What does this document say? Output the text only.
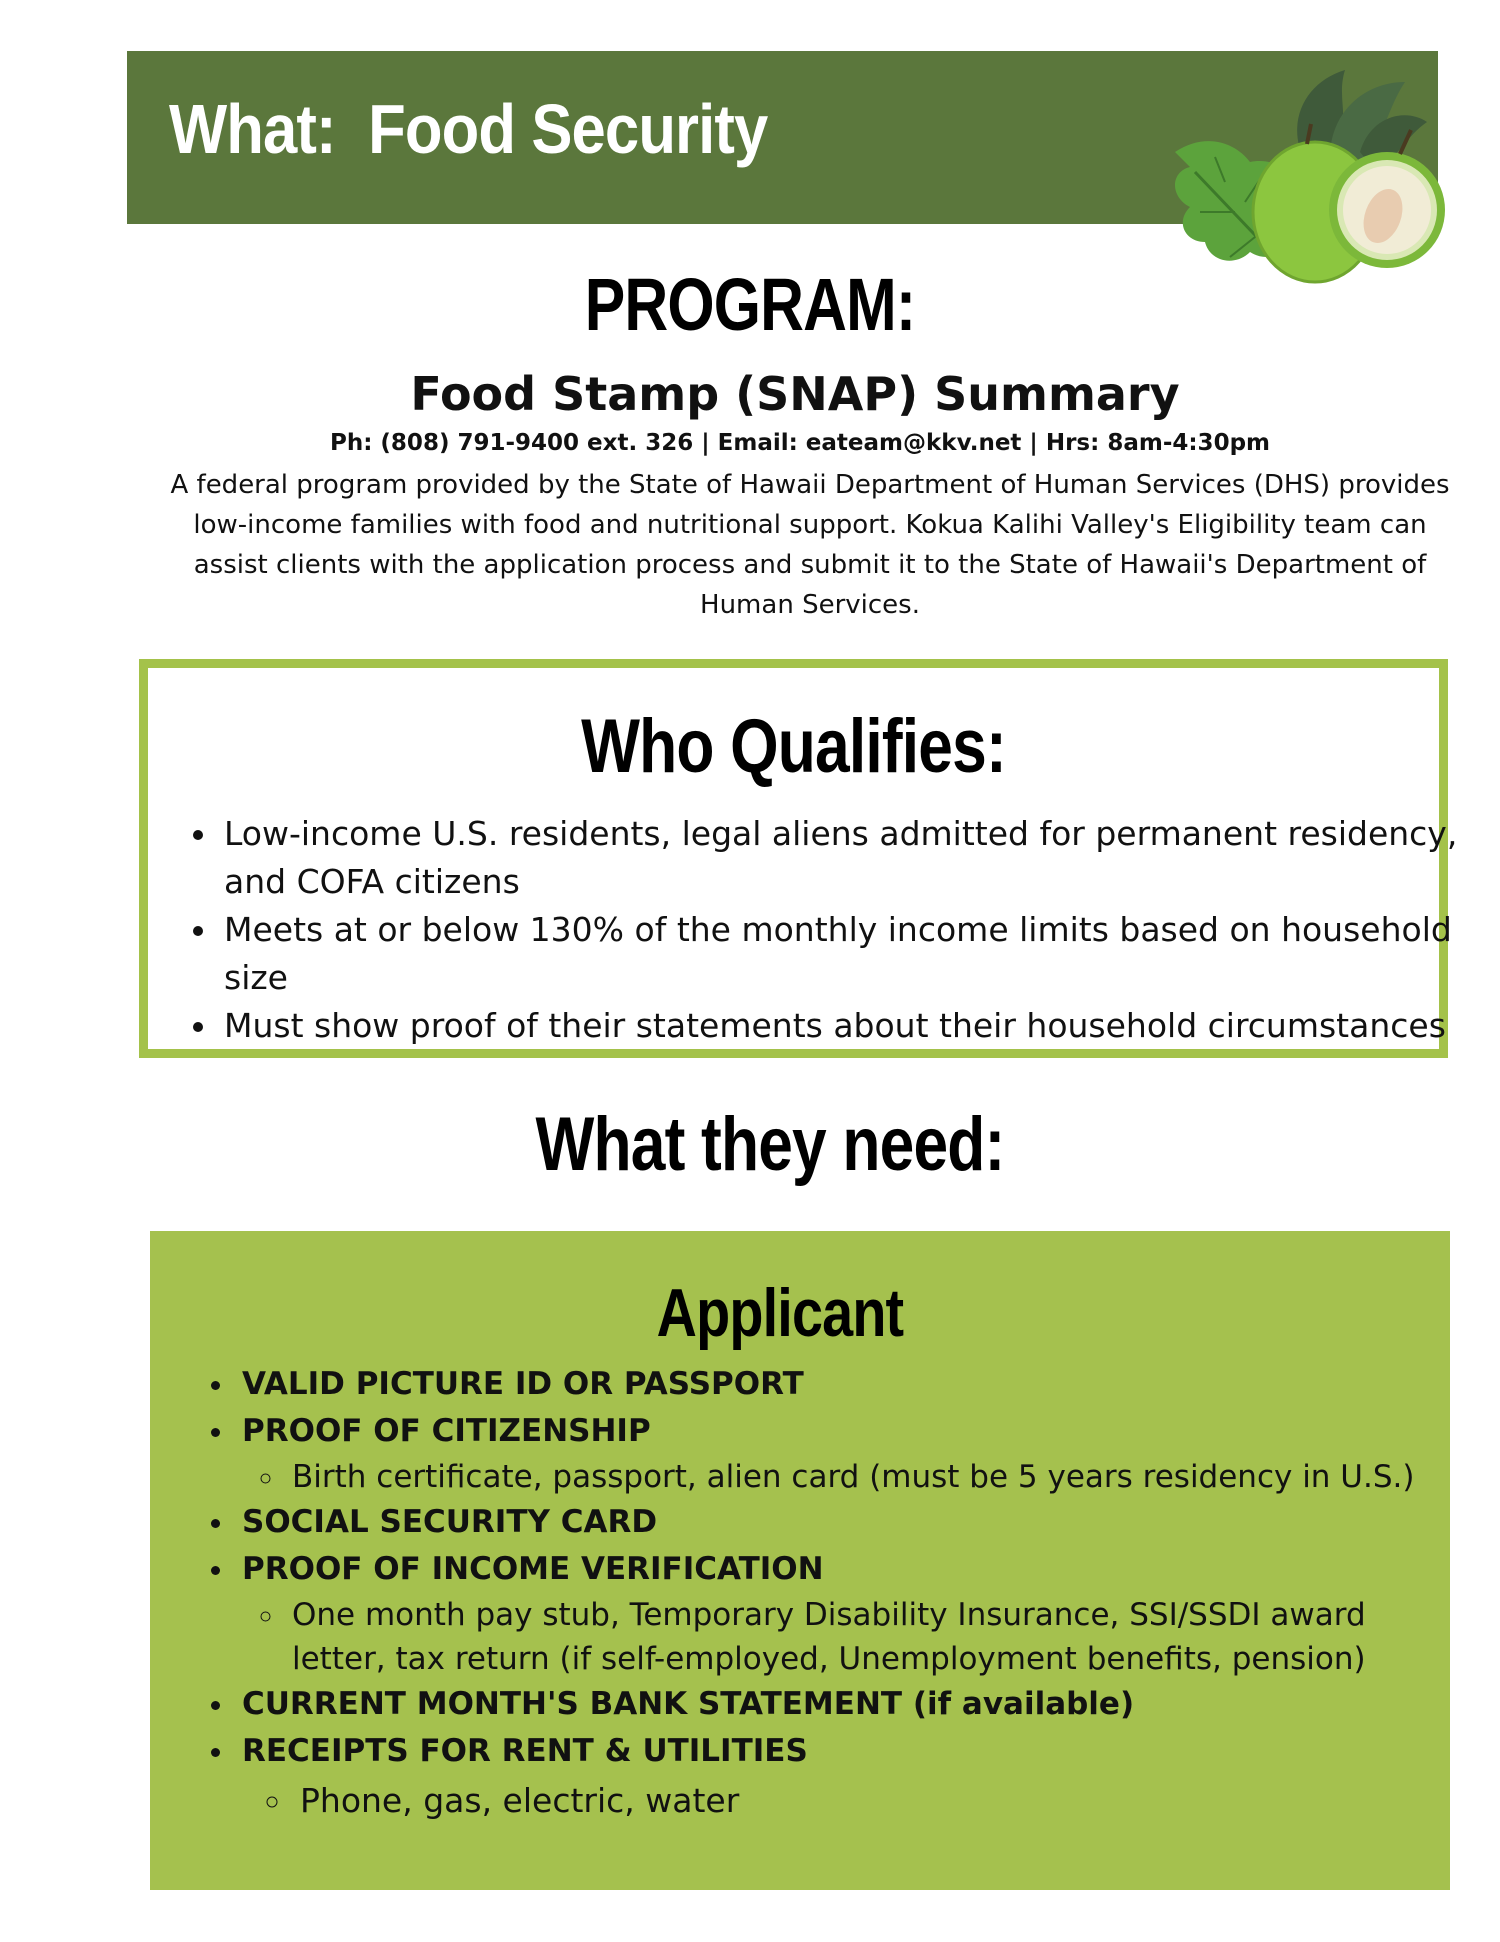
What:  Food Security
PROGRAM:
Food Stamp (SNAP) Summary

Ph: (808) 791-9400 ext. 326 | Email: eateam@kkv.net | Hrs: 8am-4:30pm

A federal program provided by the State of Hawaii Department of Human Services (DHS) provides low-income families with food and nutritional support. Kokua Kalihi Valley's Eligibility team can assist clients with the application process and submit it to the State of Hawaii's Department of Human Services.

Who Qualifies:
• Low-income U.S. residents, legal aliens admitted for permanent residency, and COFA citizens
• Meets at or below 130% of the monthly income limits based on household size
• Must show proof of their statements about their household circumstances
What they need:
Applicant
• VALID PICTURE ID OR PASSPORT
• PROOF OF CITIZENSHIP
◦ Birth certificate, passport, alien card (must be 5 years residency in U.S.)
• SOCIAL SECURITY CARD
• PROOF OF INCOME VERIFICATION
◦ One month pay stub, Temporary Disability Insurance, SSI/SSDI award letter, tax return (if self-employed, Unemployment benefits, pension)
• CURRENT MONTH'S BANK STATEMENT (if available)
• RECEIPTS FOR RENT & UTILITIES
◦ Phone, gas, electric, water
